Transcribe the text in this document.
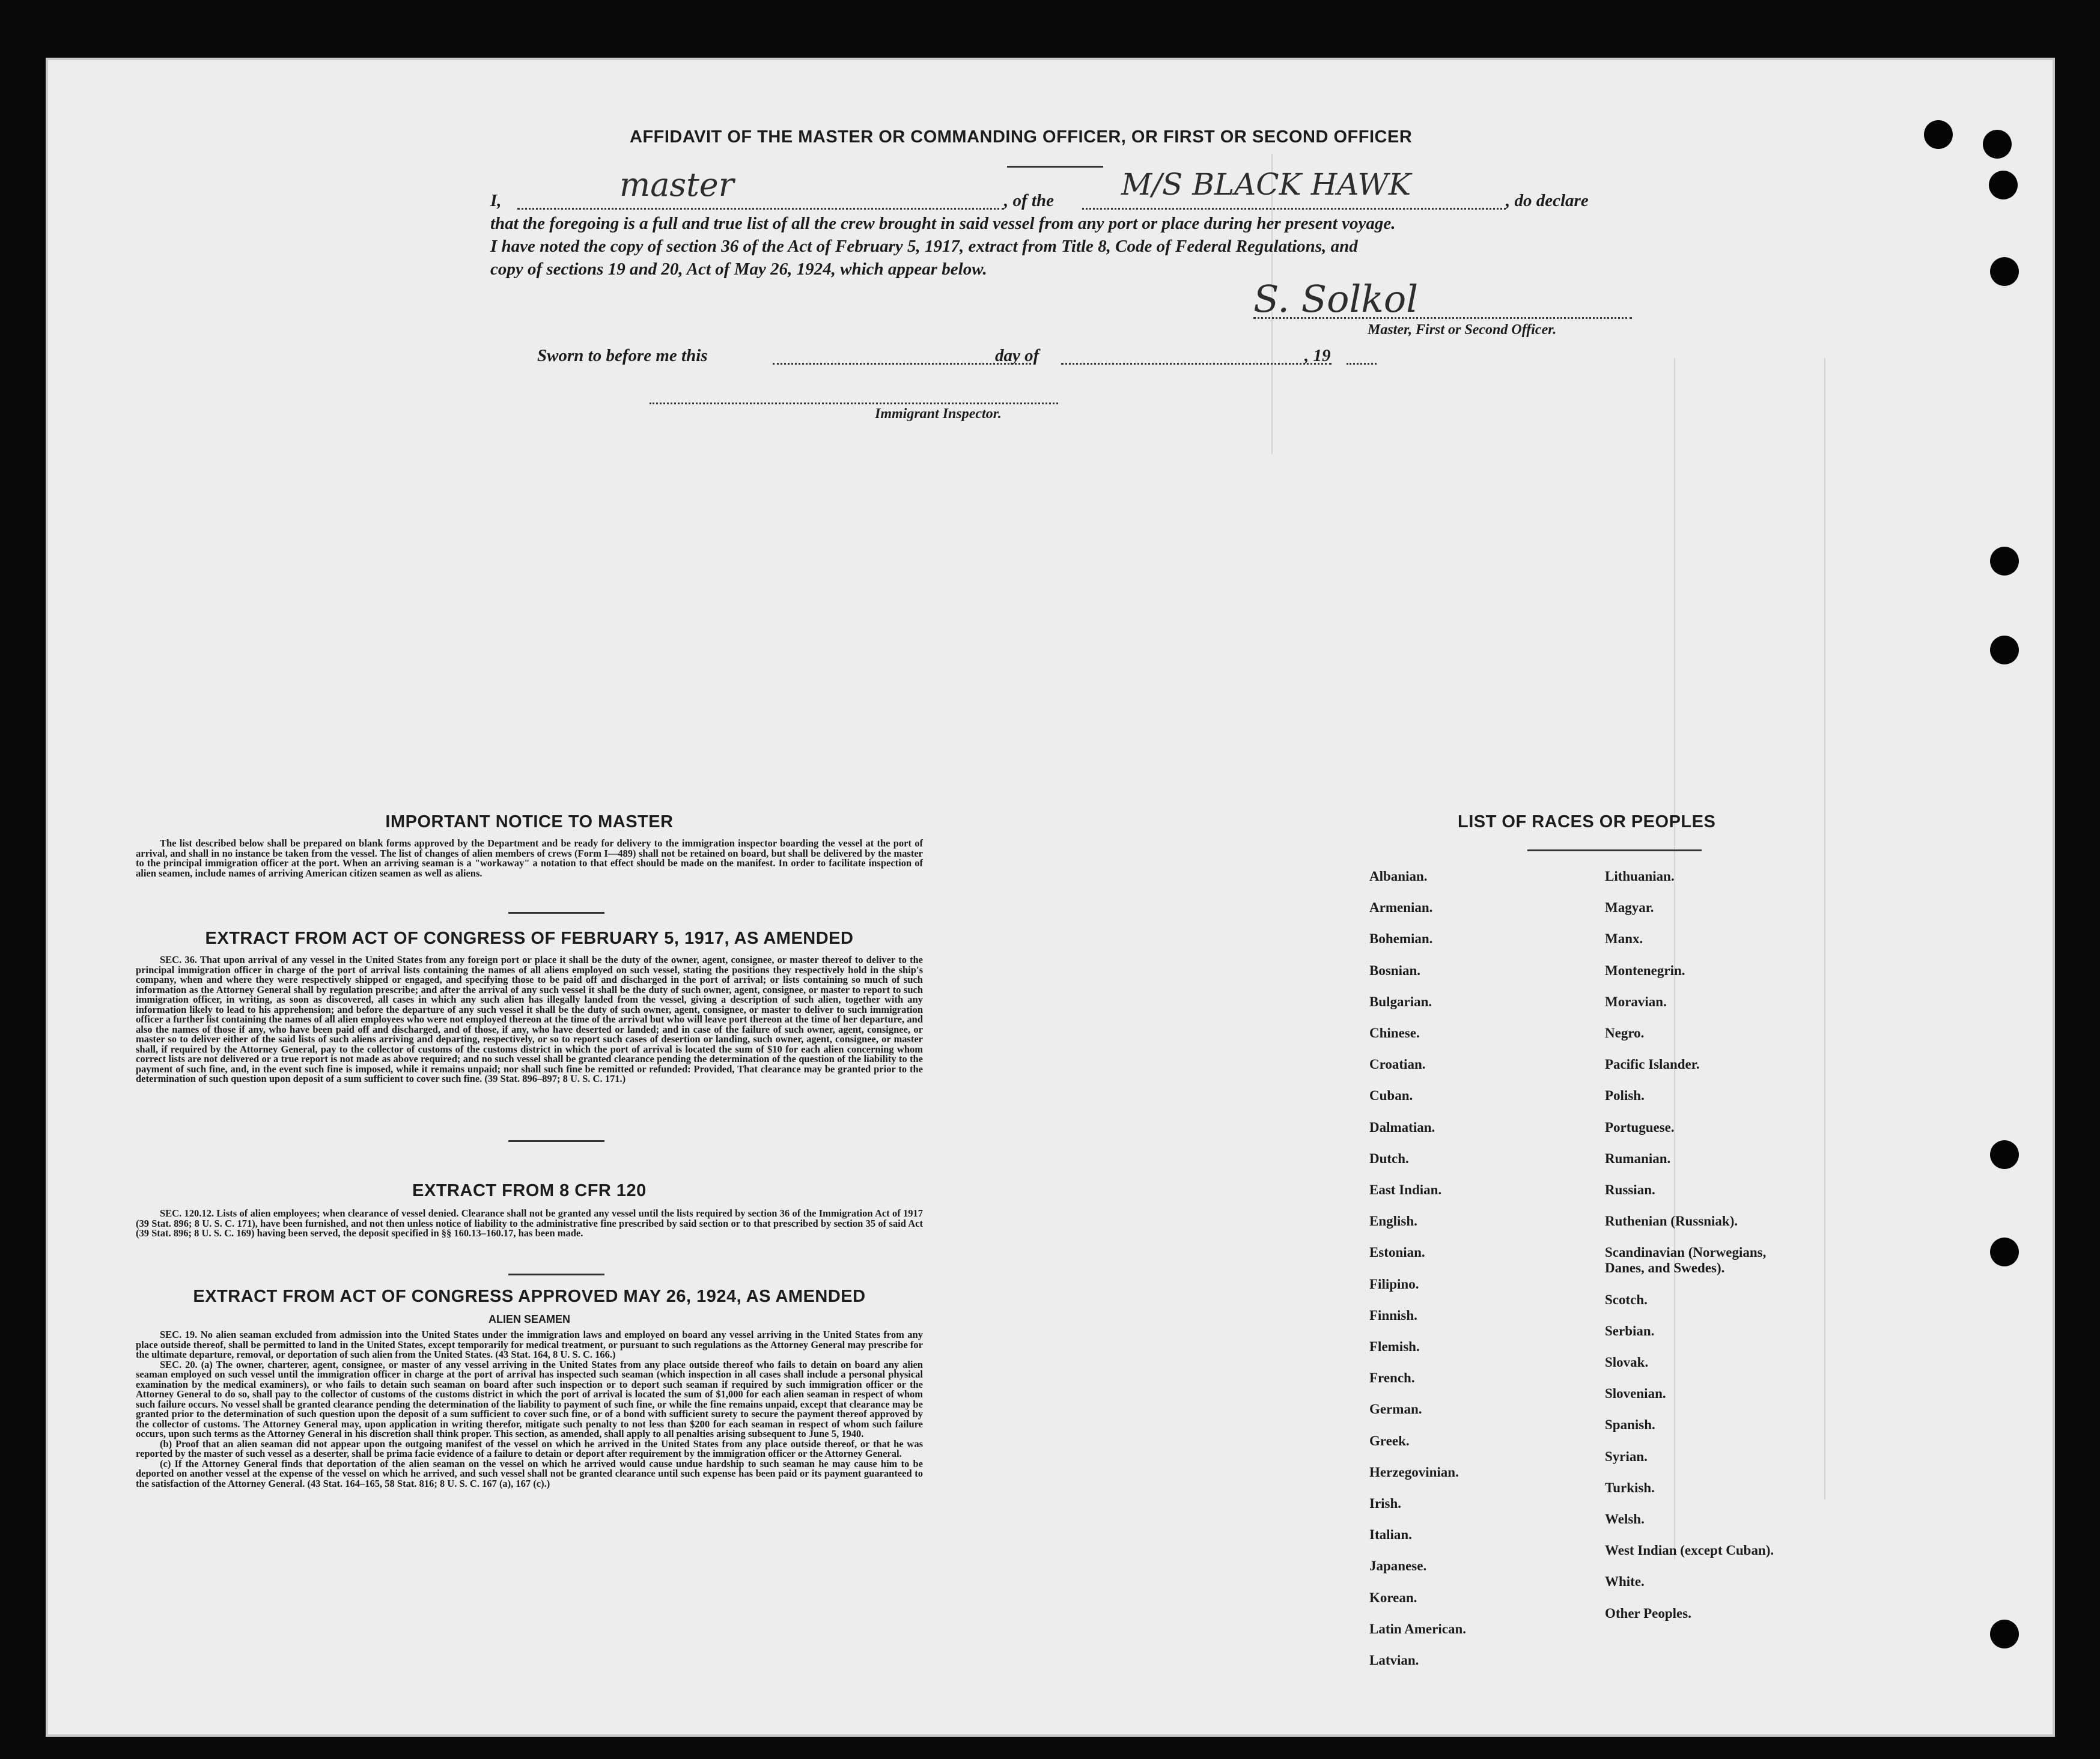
AFFIDAVIT OF THE MASTER OR COMMANDING OFFICER, OR FIRST OR SECOND OFFICER
I,	master	, of the M/S BLACK HAWK	, do declare
that the foregoing is a full and true list of all the crew brought in said vessel from any port or place during her present voyage.
I have noted the copy of section 36 of the Act of February 5, 1917, extract from Title 8, Code of Federal Regulations, and
copy of sections 19 and 20, Act of May 26, 1924, which appear below.
S. Solkol
Master, First or Second Officer.
Sworn to before me this	day of	, 19
Immigrant Inspector.
IMPORTANT NOTICE TO MASTER

The list described below shall be prepared on blank forms approved by the Department and be ready for delivery to the immigration inspector boarding the vessel at the port of arrival, and shall in no instance be taken from the vessel. The list of changes of alien members of crews (Form I—489) shall not be retained on board, but shall be delivered by the master to the principal immigration officer at the port. When an arriving seaman is a "workaway" a notation to that effect should be made on the manifest. In order to facilitate inspection of alien seamen, include names of arriving American citizen seamen as well as aliens.

EXTRACT FROM ACT OF CONGRESS OF FEBRUARY 5, 1917, AS AMENDED

SEC. 36. That upon arrival of any vessel in the United States from any foreign port or place it shall be the duty of the owner, agent, consignee, or master thereof to deliver to the principal immigration officer in charge of the port of arrival lists containing the names of all aliens employed on such vessel, stating the positions they respectively hold in the ship's company, when and where they were respectively shipped or engaged, and specifying those to be paid off and discharged in the port of arrival; or lists containing so much of such information as the Attorney General shall by regulation prescribe; and after the arrival of any such vessel it shall be the duty of such owner, agent, consignee, or master to report to such immigration officer, in writing, as soon as discovered, all cases in which any such alien has illegally landed from the vessel, giving a description of such alien, together with any information likely to lead to his apprehension; and before the departure of any such vessel it shall be the duty of such owner, agent, consignee, or master to deliver to such immigration officer a further list containing the names of all alien employees who were not employed thereon at the time of the arrival but who will leave port thereon at the time of her departure, and also the names of those if any, who have been paid off and discharged, and of those, if any, who have deserted or landed; and in case of the failure of such owner, agent, consignee, or master so to deliver either of the said lists of such aliens arriving and departing, respectively, or so to report such cases of desertion or landing, such owner, agent, consignee, or master shall, if required by the Attorney General, pay to the collector of customs of the customs district in which the port of arrival is located the sum of $10 for each alien concerning whom correct lists are not delivered or a true report is not made as above required; and no such vessel shall be granted clearance pending the determination of the question of the liability to the payment of such fine, and, in the event such fine is imposed, while it remains unpaid; nor shall such fine be remitted or refunded: Provided, That clearance may be granted prior to the determination of such question upon deposit of a sum sufficient to cover such fine. (39 Stat. 896–897; 8 U. S. C. 171.)

EXTRACT FROM 8 CFR 120

SEC. 120.12. Lists of alien employees; when clearance of vessel denied. Clearance shall not be granted any vessel until the lists required by section 36 of the Immigration Act of 1917 (39 Stat. 896; 8 U. S. C. 171), have been furnished, and not then unless notice of liability to the administrative fine prescribed by said section or to that prescribed by section 35 of said Act (39 Stat. 896; 8 U. S. C. 169) having been served, the deposit specified in §§ 160.13–160.17, has been made.

EXTRACT FROM ACT OF CONGRESS APPROVED MAY 26, 1924, AS AMENDED
ALIEN SEAMEN

SEC. 19. No alien seaman excluded from admission into the United States under the immigration laws and employed on board any vessel arriving in the United States from any place outside thereof, shall be permitted to land in the United States, except temporarily for medical treatment, or pursuant to such regulations as the Attorney General may prescribe for the ultimate departure, removal, or deportation of such alien from the United States. (43 Stat. 164, 8 U. S. C. 166.)

SEC. 20. (a) The owner, charterer, agent, consignee, or master of any vessel arriving in the United States from any place outside thereof who fails to detain on board any alien seaman employed on such vessel until the immigration officer in charge at the port of arrival has inspected such seaman (which inspection in all cases shall include a personal physical examination by the medical examiners), or who fails to detain such seaman on board after such inspection or to deport such seaman if required by such immigration officer or the Attorney General to do so, shall pay to the collector of customs of the customs district in which the port of arrival is located the sum of $1,000 for each alien seaman in respect of whom such failure occurs. No vessel shall be granted clearance pending the determination of the liability to payment of such fine, or while the fine remains unpaid, except that clearance may be granted prior to the determination of such question upon the deposit of a sum sufficient to cover such fine, or of a bond with sufficient surety to secure the payment thereof approved by the collector of customs. The Attorney General may, upon application in writing therefor, mitigate such penalty to not less than $200 for each seaman in respect of whom such failure occurs, upon such terms as the Attorney General in his discretion shall think proper. This section, as amended, shall apply to all penalties arising subsequent to June 5, 1940.

(b) Proof that an alien seaman did not appear upon the outgoing manifest of the vessel on which he arrived in the United States from any place outside thereof, or that he was reported by the master of such vessel as a deserter, shall be prima facie evidence of a failure to detain or deport after requirement by the immigration officer or the Attorney General.

(c) If the Attorney General finds that deportation of the alien seaman on the vessel on which he arrived would cause undue hardship to such seaman he may cause him to be deported on another vessel at the expense of the vessel on which he arrived, and such vessel shall not be granted clearance until such expense has been paid or its payment guaranteed to the satisfaction of the Attorney General. (43 Stat. 164–165, 58 Stat. 816; 8 U. S. C. 167 (a), 167 (c).)

LIST OF RACES OR PEOPLES
Albanian.
Armenian.
Bohemian.
Bosnian.
Bulgarian.
Chinese.
Croatian.
Cuban.
Dalmatian.
Dutch.
East Indian.
English.
Estonian.
Filipino.
Finnish.
Flemish.
French.
German.
Greek.
Herzegovinian.
Irish.
Italian.
Japanese.
Korean.
Latin American.
Latvian.
Lithuanian.
Magyar.
Manx.
Montenegrin.
Moravian.
Negro.
Pacific Islander.
Polish.
Portuguese.
Rumanian.
Russian.
Ruthenian (Russniak).
Scandinavian (Norwegians,
Danes, and Swedes).
Scotch.
Serbian.
Slovak.
Slovenian.
Spanish.
Syrian.
Turkish.
Welsh.
West Indian (except Cuban).
White.
Other Peoples.
